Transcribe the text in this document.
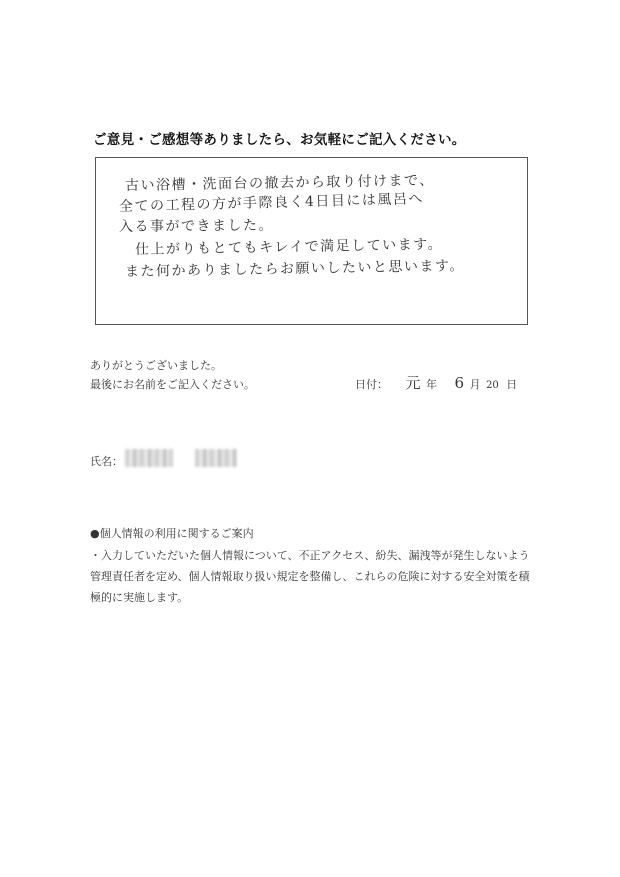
ご意見・ご感想等ありましたら、お気軽にご記入ください。
古い浴槽・洗面台の撤去から取り付けまで、
全ての工程の方が手際良く4日目には風呂へ
入る事ができました。
仕上がりもとてもキレイで満足しています。
また何かありましたらお願いしたいと思います。
ありがとうございました。
最後にお名前をご記入ください。	日付： 元 年 6 月 20 日
氏名：
●個人情報の利用に関するご案内
・入力していただいた個人情報について、不正アクセス、紛失、漏洩等が発生しないよう管理責任者を定め、個人情報取り扱い規定を整備し、これらの危険に対する安全対策を積極的に実施します。
